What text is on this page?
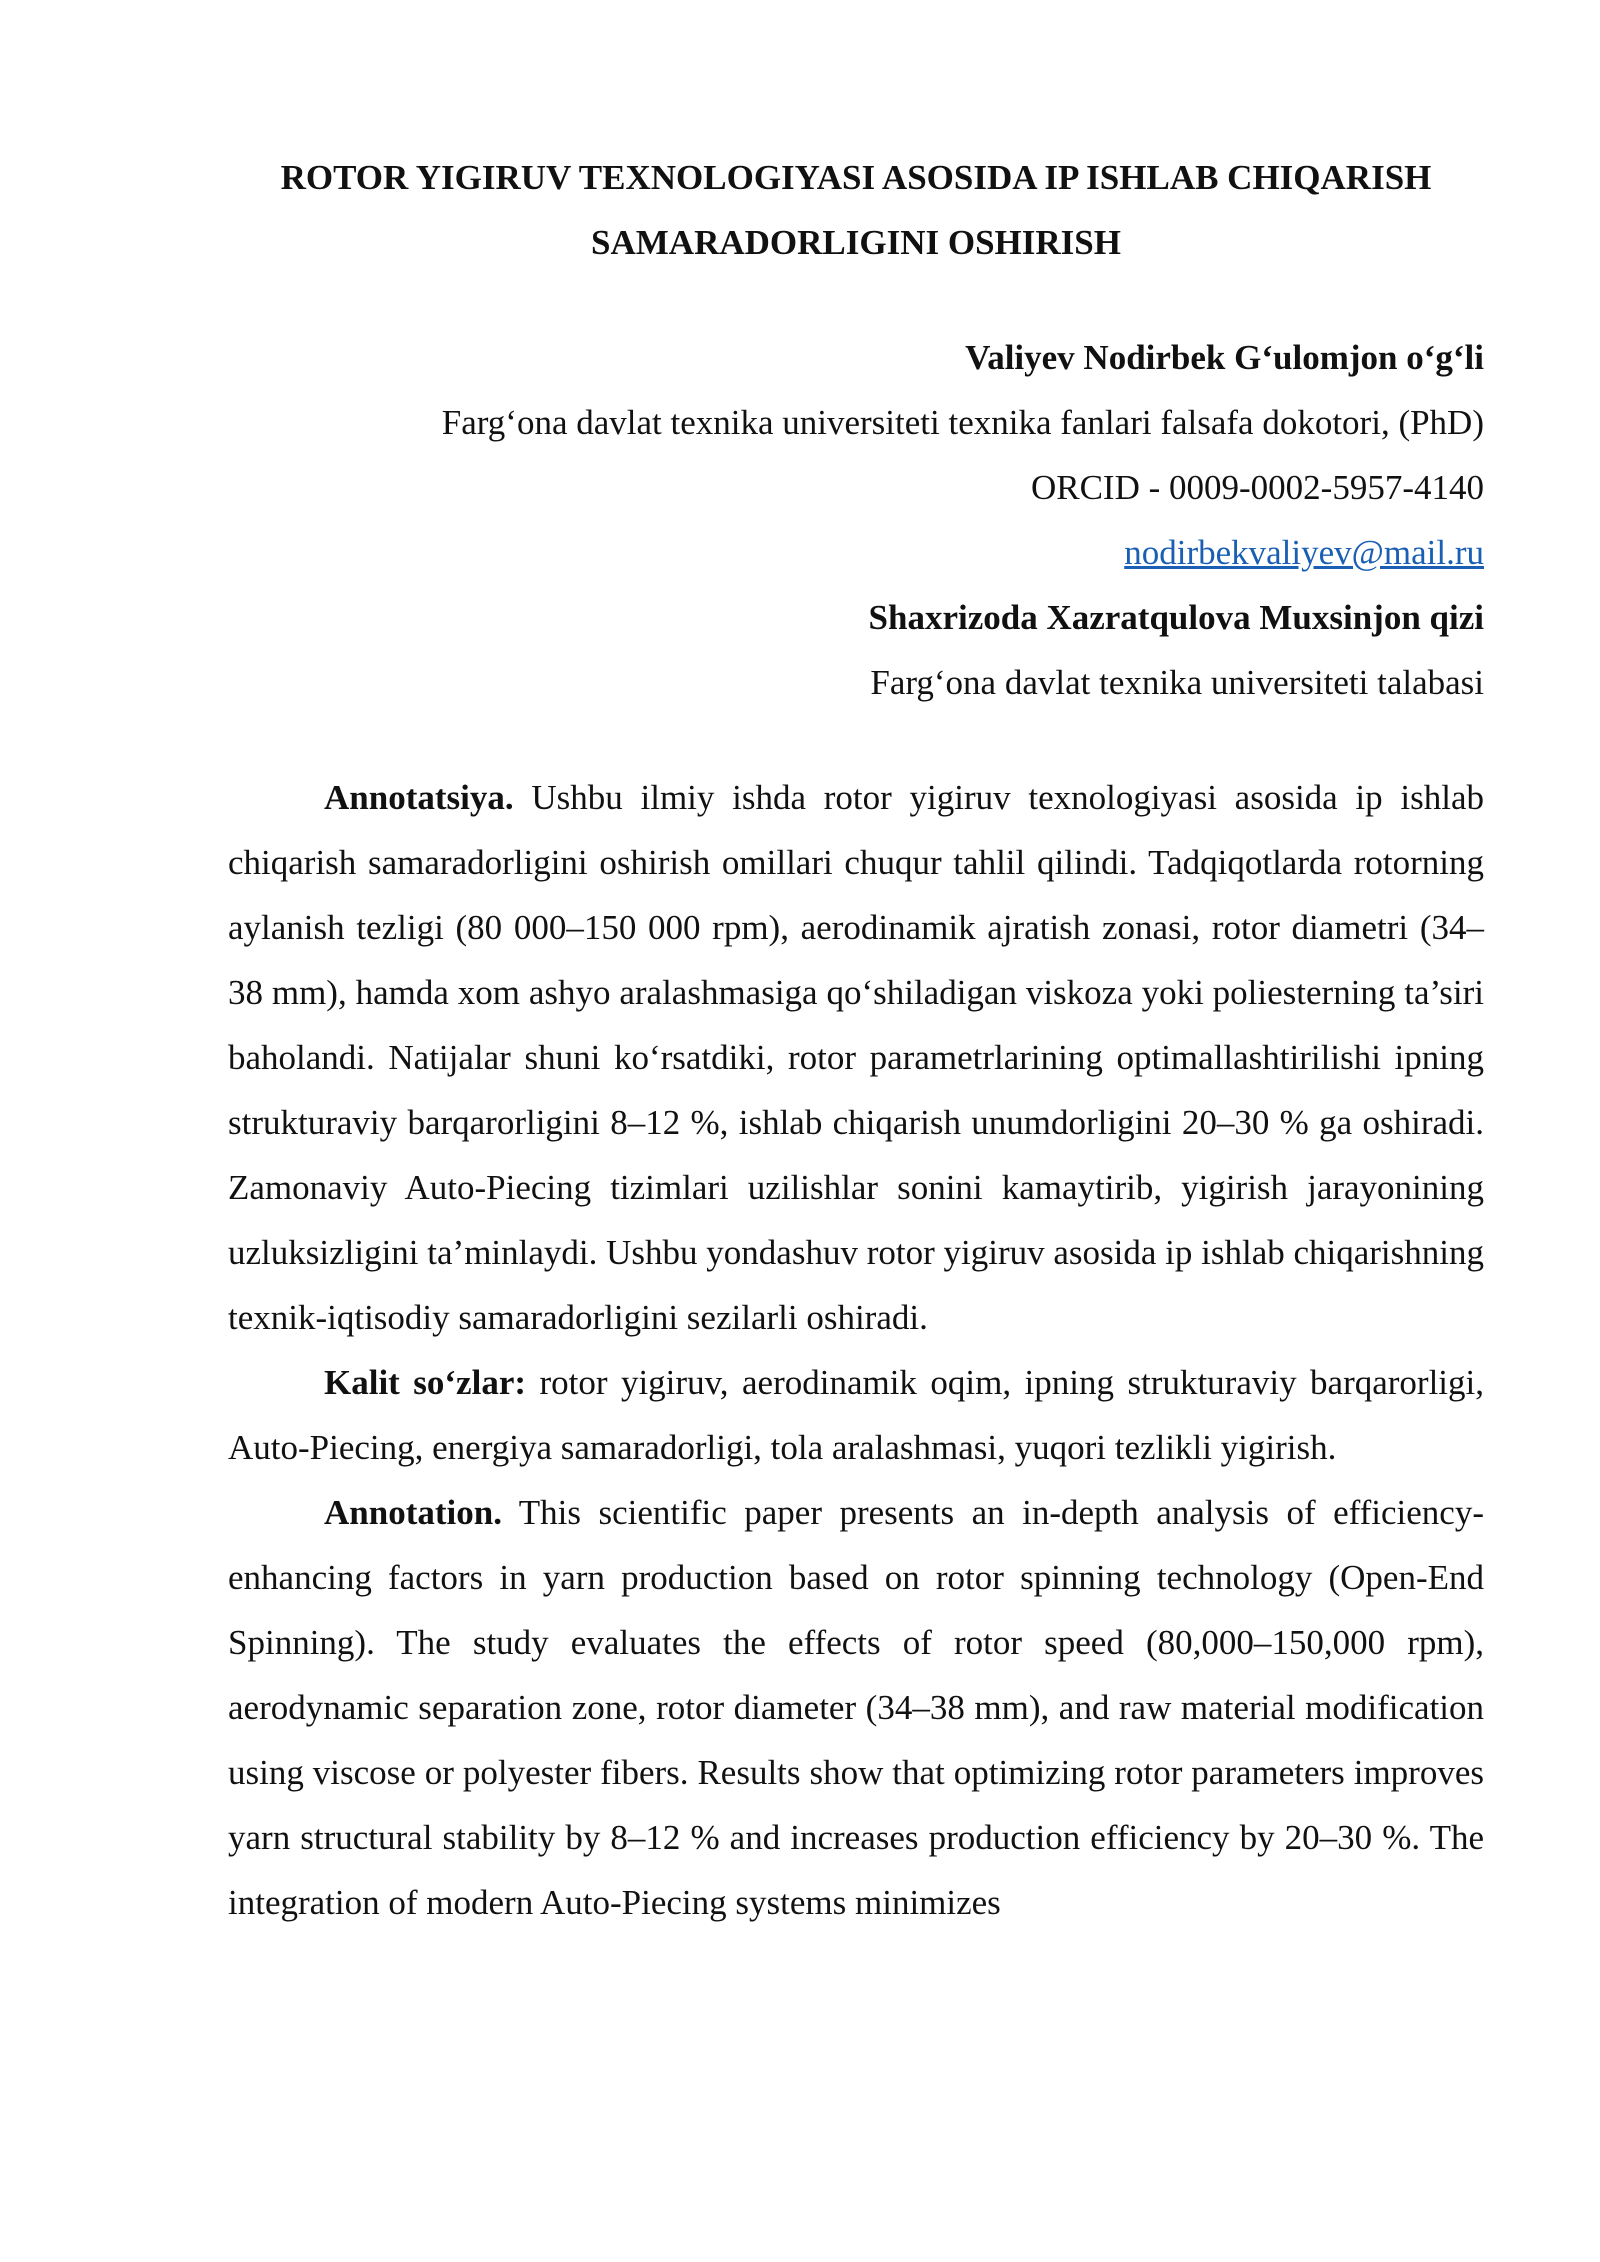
ROTOR YIGIRUV TEXNOLOGIYASI ASOSIDA IP ISHLAB CHIQARISH
SAMARADORLIGINI OSHIRISH
Valiyev Nodirbek G‘ulomjon o‘g‘li
Farg‘ona davlat texnika universiteti texnika fanlari falsafa dokotori, (PhD)
ORCID - 0009-0002-5957-4140
nodirbekvaliyev@mail.ru
Shaxrizoda Xazratqulova Muxsinjon qizi
Farg‘ona davlat texnika universiteti talabasi

Annotatsiya. Ushbu ilmiy ishda rotor yigiruv texnologiyasi asosida ip ishlab chiqarish samaradorligini oshirish omillari chuqur tahlil qilindi. Tadqiqotlarda rotorning aylanish tezligi (80 000–150 000 rpm), aerodinamik ajratish zonasi, rotor diametri (34–38 mm), hamda xom ashyo aralashmasiga qo‘shiladigan viskoza yoki poliesterning ta’siri baholandi. Natijalar shuni ko‘rsatdiki, rotor parametrlarining optimallashtirilishi ipning strukturaviy barqarorligini 8–12 %, ishlab chiqarish unumdorligini 20–30 % ga oshiradi. Zamonaviy Auto-Piecing tizimlari uzilishlar sonini kamaytirib, yigirish jarayonining uzluksizligini ta’minlaydi. Ushbu yondashuv rotor yigiruv asosida ip ishlab chiqarishning texnik-iqtisodiy samaradorligini sezilarli oshiradi.

Kalit so‘zlar: rotor yigiruv, aerodinamik oqim, ipning strukturaviy barqarorligi, Auto-Piecing, energiya samaradorligi, tola aralashmasi, yuqori tezlikli yigirish.

Annotation. This scientific paper presents an in-depth analysis of efficiency-enhancing factors in yarn production based on rotor spinning technology (Open-End Spinning). The study evaluates the effects of rotor speed (80,000–150,000 rpm), aerodynamic separation zone, rotor diameter (34–38 mm), and raw material modification using viscose or polyester fibers. Results show that optimizing rotor parameters improves yarn structural stability by 8–12 % and increases production efficiency by 20–30 %. The integration of modern Auto-Piecing systems minimizes
